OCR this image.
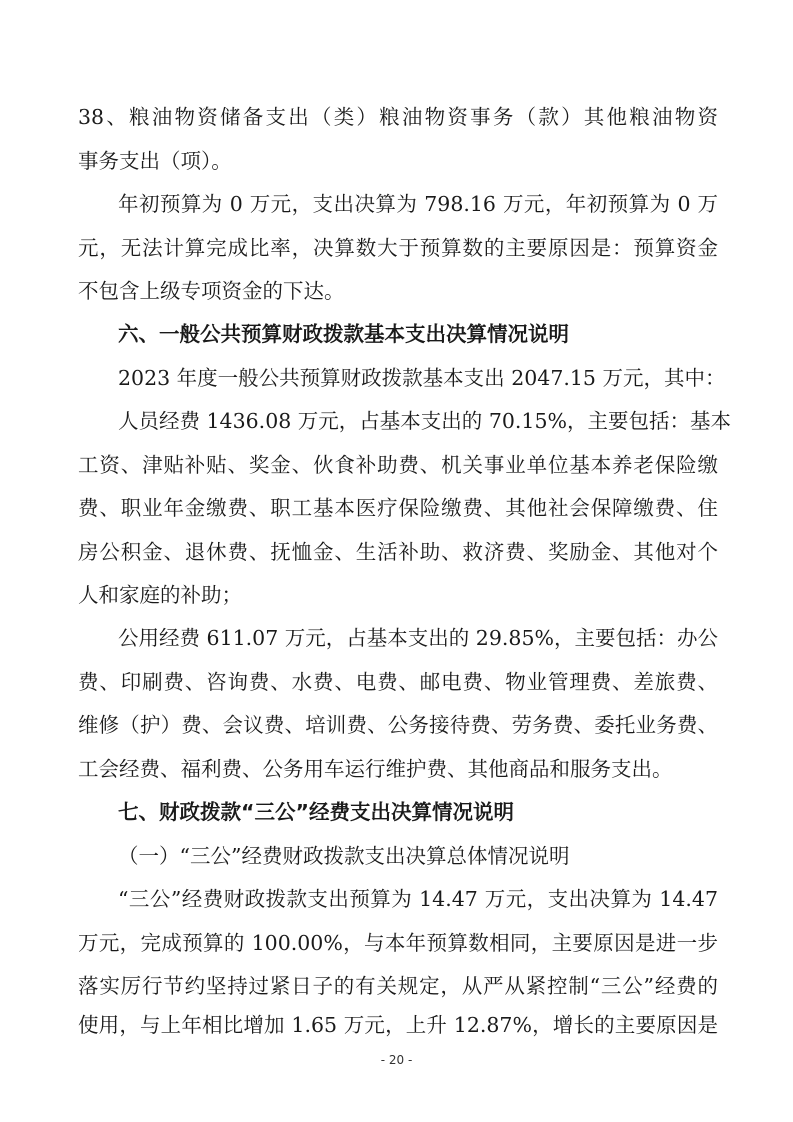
38、粮油物资储备支出（类）粮油物资事务（款）其他粮油物资
事务支出（项）。
年初预算为 0 万元，支出决算为 798.16 万元，年初预算为 0 万
元，无法计算完成比率，决算数大于预算数的主要原因是：预算资金
不包含上级专项资金的下达。
六、一般公共预算财政拨款基本支出决算情况说明
2023 年度一般公共预算财政拨款基本支出 2047.15 万元，其中：
人员经费 1436.08 万元，占基本支出的 70.15%，主要包括：基本
工资、津贴补贴、奖金、伙食补助费、机关事业单位基本养老保险缴
费、职业年金缴费、职工基本医疗保险缴费、其他社会保障缴费、住
房公积金、退休费、抚恤金、生活补助、救济费、奖励金、其他对个
人和家庭的补助；
公用经费 611.07 万元，占基本支出的 29.85%，主要包括：办公
费、印刷费、咨询费、水费、电费、邮电费、物业管理费、差旅费、
维修（护）费、会议费、培训费、公务接待费、劳务费、委托业务费、
工会经费、福利费、公务用车运行维护费、其他商品和服务支出。
七、财政拨款“三公”经费支出决算情况说明
（一）“三公”经费财政拨款支出决算总体情况说明
“三公”经费财政拨款支出预算为 14.47 万元，支出决算为 14.47
万元，完成预算的 100.00%，与本年预算数相同，主要原因是进一步
落实厉行节约坚持过紧日子的有关规定，从严从紧控制“三公”经费的
使用，与上年相比增加 1.65 万元，上升 12.87%，增长的主要原因是
- 20 -
